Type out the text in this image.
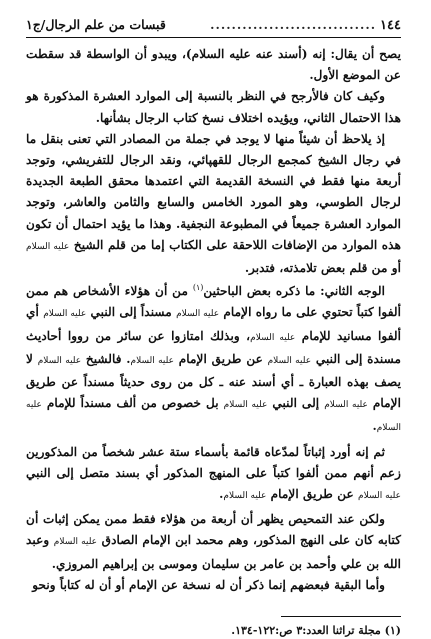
١٤٤
...............................
قبسات من علم الرجال/ج١

يصح أن يقال: إنه (أسند عنه ‌‌عليه السلام)، ويبدو أن الواسطة قد سقطت عن الموضع الأول.

وكيف كان فالأرجح في النظر بالنسبة إلى الموارد العشرة المذكورة هو هذا الاحتمال الثاني، ويؤيده اختلاف نسخ كتاب الرجال بشأنها.

إذ يلاحظ أن شيئاً منها لا يوجد في جملة من المصادر التي تعنى بنقل ما في رجال الشيخ كمجمع الرجال للقهپائي، ونقد الرجال للتفريشي، وتوجد أربعة منها فقط في النسخة القديمة التي اعتمدها محقق الطبعة الجديدة لرجال الطوسي، وهو المورد الخامس والسابع والثامن والعاشر، وتوجد الموارد العشرة جميعاً في المطبوعة النجفية. وهذا ما يؤيد احتمال أن تكون هذه الموارد من الإضافات اللاحقة على الكتاب إما من قلم الشيخ عليه السلام أو من قلم بعض تلامذته، فتدبر.

الوجه الثاني: ما ذكره بعض الباحثين$^{(١)}$ من أن هؤلاء الأشخاص هم ممن ألفوا كتباً تحتوي على ما رواه الإمام عليه السلام مسنداً إلى النبي عليه السلام أي ألفوا مسانيد للإمام عليه السلام، وبذلك امتازوا عن سائر من رووا أحاديث مسندة إلى النبي عليه السلام عن طريق الإمام عليه السلام. فالشيخ عليه السلام لا يصف بهذه العبارة ـ أي أسند عنه ـ كل من روى حديثاً مسنداً عن طريق الإمام عليه السلام إلى النبي عليه السلام بل خصوص من ألف مسنداً للإمام عليه السلام.

ثم إنه أورد إثباتاً لمدّعاه قائمة بأسماء ستة عشر شخصاً من المذكورين زعم أنهم ممن ألفوا كتباً على المنهج المذكور أي بسند متصل إلى النبي عليه السلام عن طريق الإمام عليه السلام.

ولكن عند التمحيص يظهر أن أربعة من هؤلاء فقط ممن يمكن إثبات أن كتابه كان على النهج المذكور، وهم محمد ابن الإمام الصادق عليه السلام وعبد الله بن علي وأحمد بن عامر بن سليمان وموسى بن إبراهيم المروزي.

وأما البقية فبعضهم إنما ذكر أن له نسخة عن الإمام أو أن له كتاباً ونحو

(١) مجلة تراثنا العدد:٣ ص:١٢٢-١٣٤.
